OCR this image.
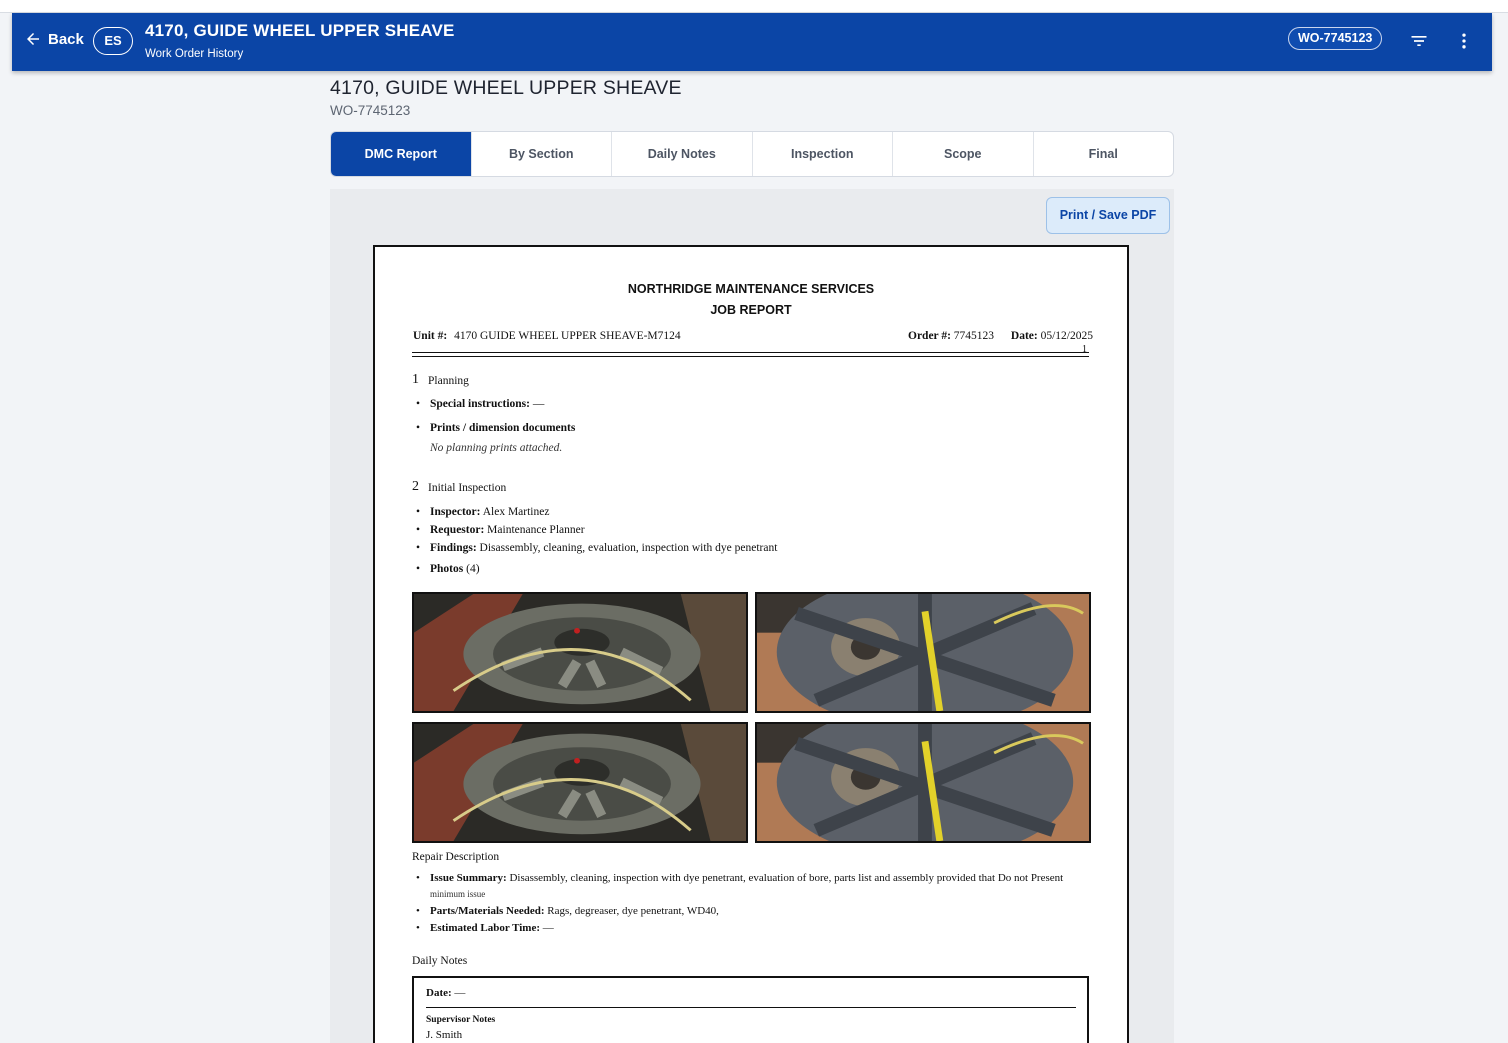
Back	ES
4170, GUIDE WHEEL UPPER SHEAVE
Work Order History
WO-7745123
4170, GUIDE WHEEL UPPER SHEAVE
WO-7745123
DMC Report	By Section	Daily Notes	Inspection	Scope	Final
Print / Save PDF
NORTHRIDGE MAINTENANCE SERVICES
JOB REPORT
Unit #: 4170 GUIDE WHEEL UPPER SHEAVE-M7124	Order #: 7745123 Date: 05/12/2025
1
1 Planning
• Special instructions: —
• Prints / dimension documents
No planning prints attached.
2 Initial Inspection
• Inspector: Alex Martinez
• Requestor: Maintenance Planner
• Findings: Disassembly, cleaning, evaluation, inspection with dye penetrant
• Photos (4)
Repair Description
• Issue Summary: Disassembly, cleaning, inspection with dye penetrant, evaluation of bore, parts list and assembly provided that Do not Present
minimum issue
• Parts/Materials Needed: Rags, degreaser, dye penetrant, WD40,
• Estimated Labor Time: —
Daily Notes
Date: —
Supervisor Notes
J. Smith
